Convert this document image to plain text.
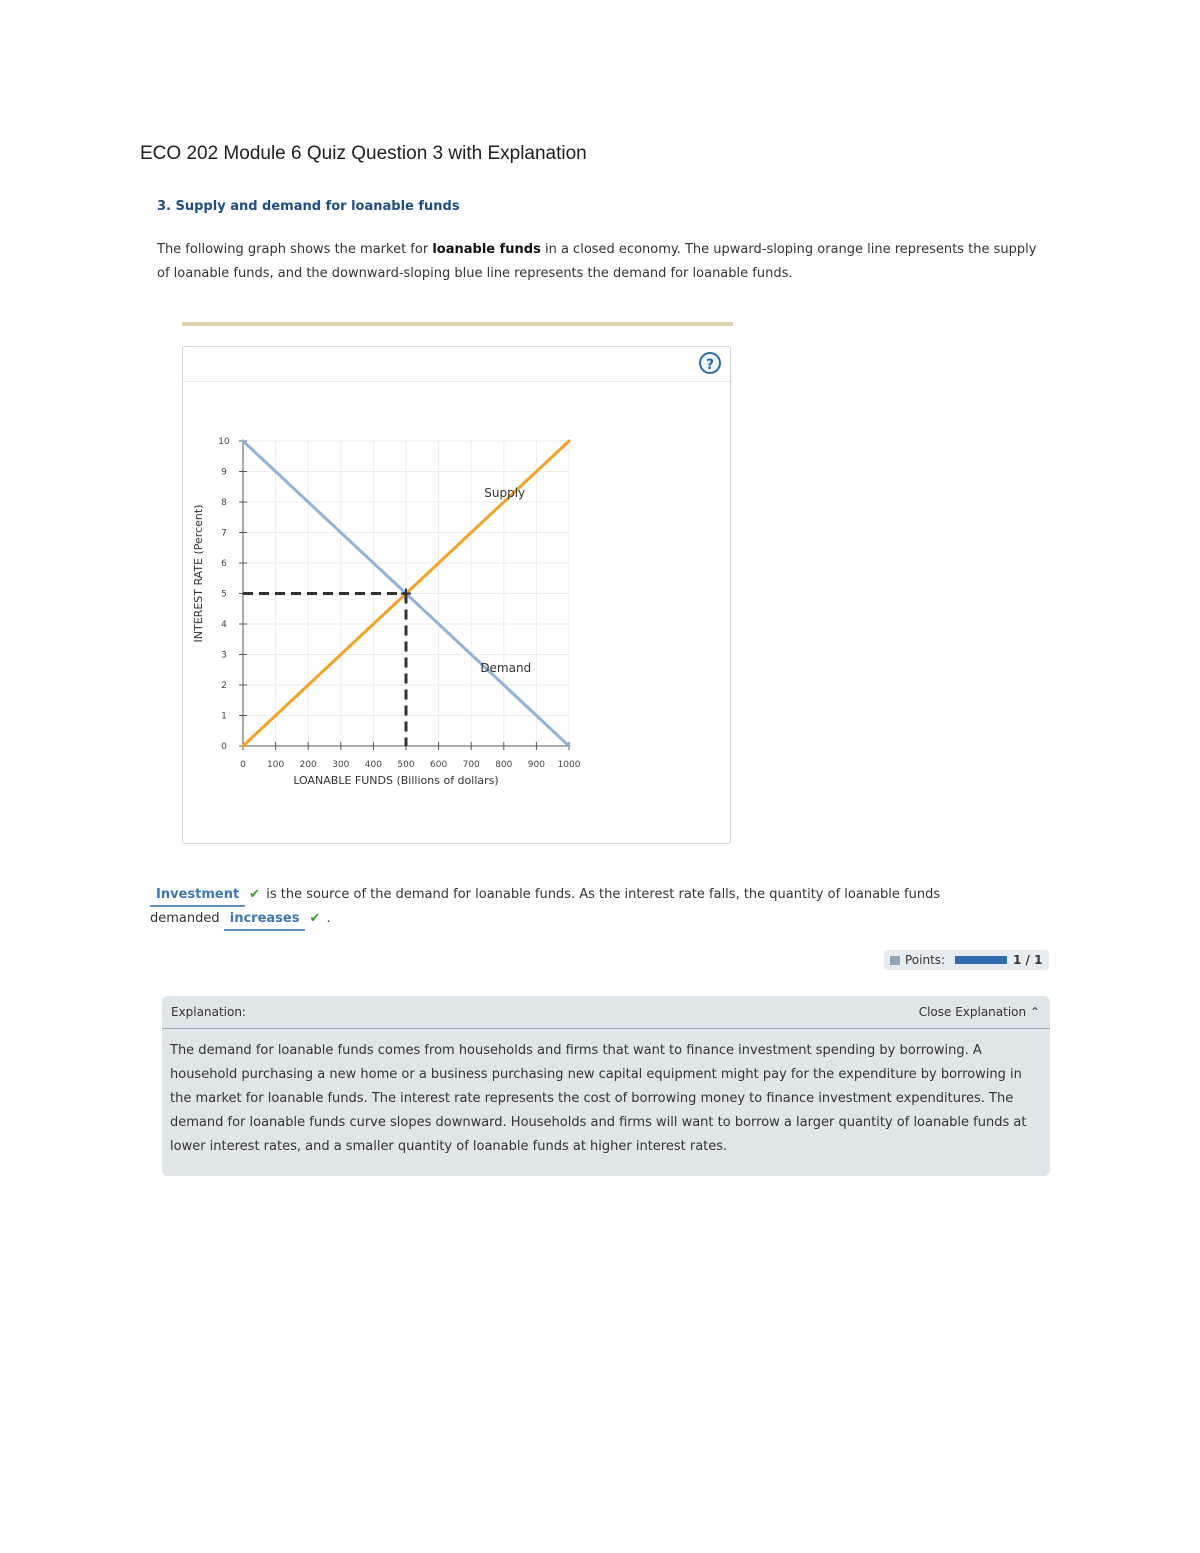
ECO 202 Module 6 Quiz Question 3 with Explanation
3. Supply and demand for loanable funds
The following graph shows the market for loanable funds in a closed economy. The upward-sloping orange line represents the supply of loanable funds, and the downward-sloping blue line represents the demand for loanable funds.
?
0 100 200 300 400 500 600 700 800 900 1000
0
1
2
3
4
5
6
7
8
9
10
LOANABLE FUNDS (Billions of dollars)
INTEREST RATE (Percent)
Supply
Demand
Investment ✔ is the source of the demand for loanable funds. As the interest rate falls, the quantity of loanable funds
demanded increases ✔ .
Points:	1 / 1
Explanation:	Close Explanation ⌃
The demand for loanable funds comes from households and firms that want to finance investment spending by borrowing. A household purchasing a new home or a business purchasing new capital equipment might pay for the expenditure by borrowing in the market for loanable funds. The interest rate represents the cost of borrowing money to finance investment expenditures. The demand for loanable funds curve slopes downward. Households and firms will want to borrow a larger quantity of loanable funds at lower interest rates, and a smaller quantity of loanable funds at higher interest rates.
